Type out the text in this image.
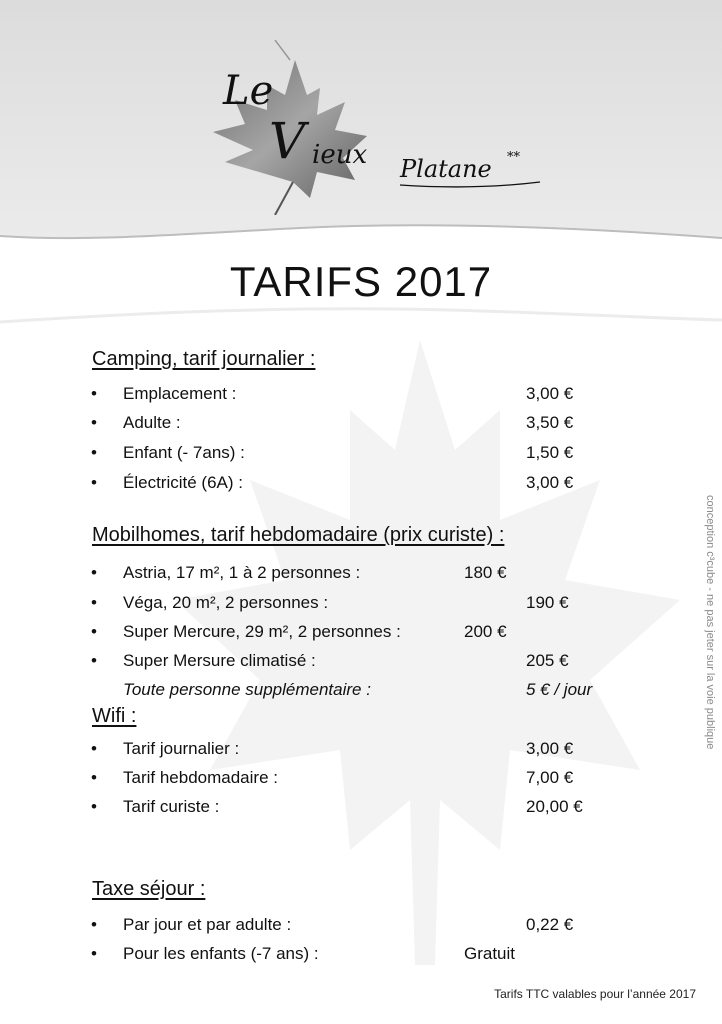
Le
V ieux Platane **
TARIFS 2017
Camping, tarif journalier :
• Emplacement :	3,00 €
• Adulte :	3,50 €
• Enfant (- 7ans) :	1,50 €
• Électricité (6A) :	3,00 €
Mobilhomes, tarif hebdomadaire (prix curiste) :
• Astria, 17 m², 1 à 2 personnes :	180 €
• Véga, 20 m², 2 personnes :	190 €
• Super Mercure, 29 m², 2 personnes :	200 €
• Super Mersure climatisé :	205 €
Toute personne supplémentaire :	5 € / jour
Wifi :
• Tarif journalier :	3,00 €
• Tarif hebdomadaire :	7,00 €
• Tarif curiste :	20,00 €
Taxe séjour :
• Par jour et par adulte :	0,22 €
• Pour les enfants (-7 ans) :	Gratuit
conception c³cube - ne pas jeter sur la voie publique
Tarifs TTC valables pour l’année 2017
